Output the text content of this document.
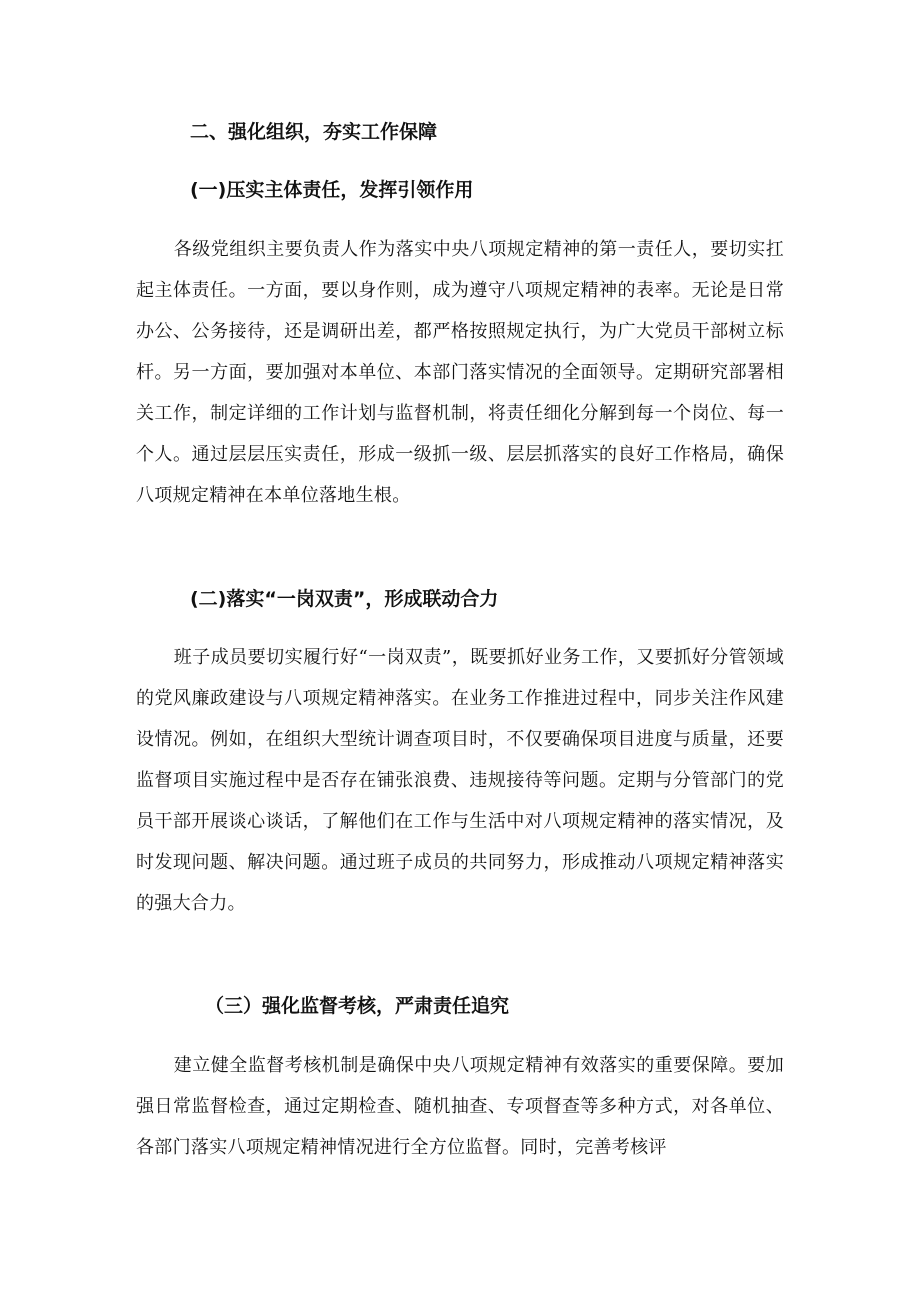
二、强化组织，夯实工作保障
(一)压实主体责任，发挥引领作用

各级党组织主要负责人作为落实中央八项规定精神的第一责任人，要切实扛起主体责任。一方面，要以身作则，成为遵守八项规定精神的表率。无论是日常办公、公务接待，还是调研出差，都严格按照规定执行，为广大党员干部树立标杆。另一方面，要加强对本单位、本部门落实情况的全面领导。定期研究部署相关工作，制定详细的工作计划与监督机制，将责任细化分解到每一个岗位、每一个人。通过层层压实责任，形成一级抓一级、层层抓落实的良好工作格局，确保八项规定精神在本单位落地生根。

(二)落实“一岗双责”，形成联动合力

班子成员要切实履行好“一岗双责”，既要抓好业务工作，又要抓好分管领域的党风廉政建设与八项规定精神落实。在业务工作推进过程中，同步关注作风建设情况。例如，在组织大型统计调查项目时，不仅要确保项目进度与质量，还要监督项目实施过程中是否存在铺张浪费、违规接待等问题。定期与分管部门的党员干部开展谈心谈话，了解他们在工作与生活中对八项规定精神的落实情况，及时发现问题、解决问题。通过班子成员的共同努力，形成推动八项规定精神落实的强大合力。

（三）强化监督考核，严肃责任追究

建立健全监督考核机制是确保中央八项规定精神有效落实的重要保障。要加强日常监督检查，通过定期检查、随机抽查、专项督查等多种方式，对各单位、各部门落实八项规定精神情况进行全方位监督。同时，完善考核评
